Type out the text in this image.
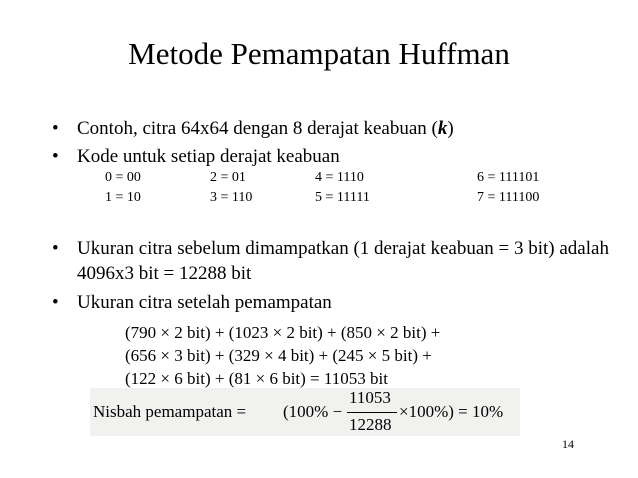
Metode Pemampatan Huffman
• Contoh, citra 64x64 dengan 8 derajat keabuan (k)
• Kode untuk setiap derajat keabuan
0 = 00
1 = 10
2 = 01
3 = 110
4 = 1110
5 = 11111
6 = 111101
7 = 111100
• Ukuran citra sebelum dimampatkan (1 derajat keabuan = 3 bit) adalah 4096x3 bit = 12288 bit
• Ukuran citra setelah pemampatan
(790 × 2 bit) + (1023 × 2 bit) + (850 × 2 bit) +
(656 × 3 bit) + (329 × 4 bit) + (245 × 5 bit) +
(122 × 6 bit) + (81 × 6 bit) = 11053 bit
Nisbah pemampatan = (100% −
11053
12288
×100%) = 10%
14
